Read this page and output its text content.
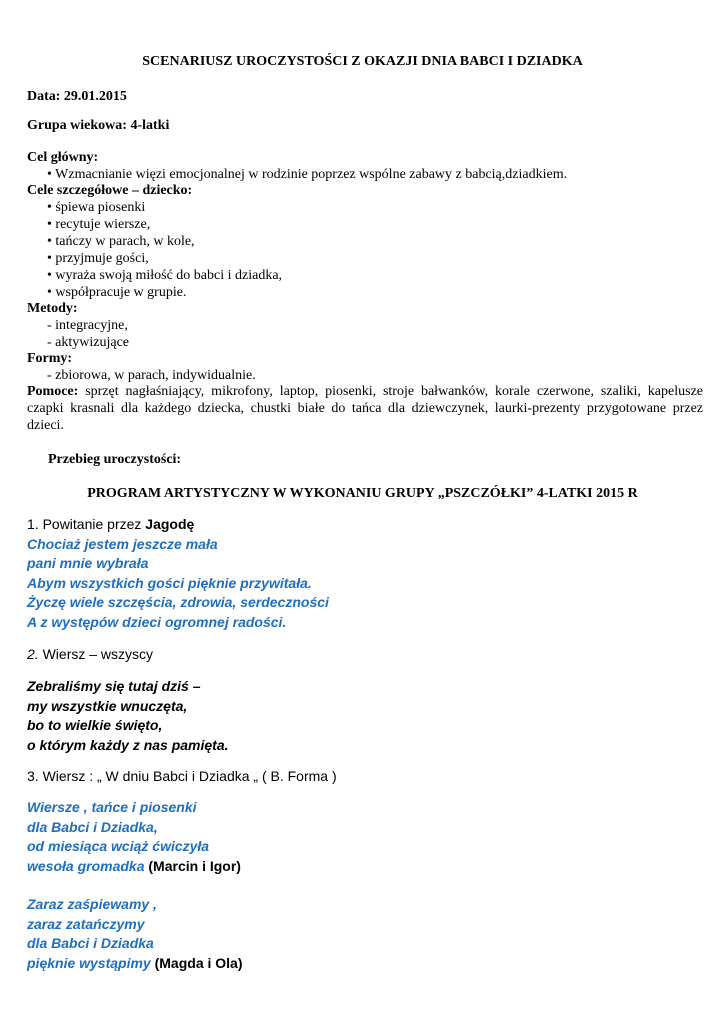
SCENARIUSZ UROCZYSTOŚCI Z OKAZJI DNIA BABCI I DZIADKA
Data: 29.01.2015
Grupa wiekowa: 4-latki
Cel główny:
• Wzmacnianie więzi emocjonalnej w rodzinie poprzez wspólne zabawy z babcią,dziadkiem.
Cele szczegółowe – dziecko:
• śpiewa piosenki
• recytuje wiersze,
• tańczy w parach, w kole,
• przyjmuje gości,
• wyraża swoją miłość do babci i dziadka,
• współpracuje w grupie.
Metody:
- integracyjne,
- aktywizujące
Formy:
- zbiorowa, w parach, indywidualnie.
Pomoce: sprzęt nagłaśniający, mikrofony, laptop, piosenki, stroje bałwanków, korale czerwone, szaliki, kapelusze czapki krasnali dla każdego dziecka, chustki białe do tańca dla dziewczynek, laurki-prezenty przygotowane przez dzieci.
Przebieg uroczystości:
PROGRAM ARTYSTYCZNY W WYKONANIU GRUPY „PSZCZÓŁKI” 4-LATKI 2015 R
1. Powitanie przez Jagodę
Chociaż jestem jeszcze mała
pani mnie wybrała
Abym wszystkich gości pięknie przywitała.
Życzę wiele szczęścia, zdrowia, serdeczności
A z występów dzieci ogromnej radości.
2. Wiersz – wszyscy
Zebraliśmy się tutaj dziś –
my wszystkie wnuczęta,
bo to wielkie święto,
o którym każdy z nas pamięta.
3. Wiersz : „ W dniu Babci i Dziadka „ ( B. Forma )
Wiersze , tańce i piosenki
dla Babci i Dziadka,
od miesiąca wciąż ćwiczyła
wesoła gromadka (Marcin i Igor)
Zaraz zaśpiewamy ,
zaraz zatańczymy
dla Babci i Dziadka
pięknie wystąpimy (Magda i Ola)
